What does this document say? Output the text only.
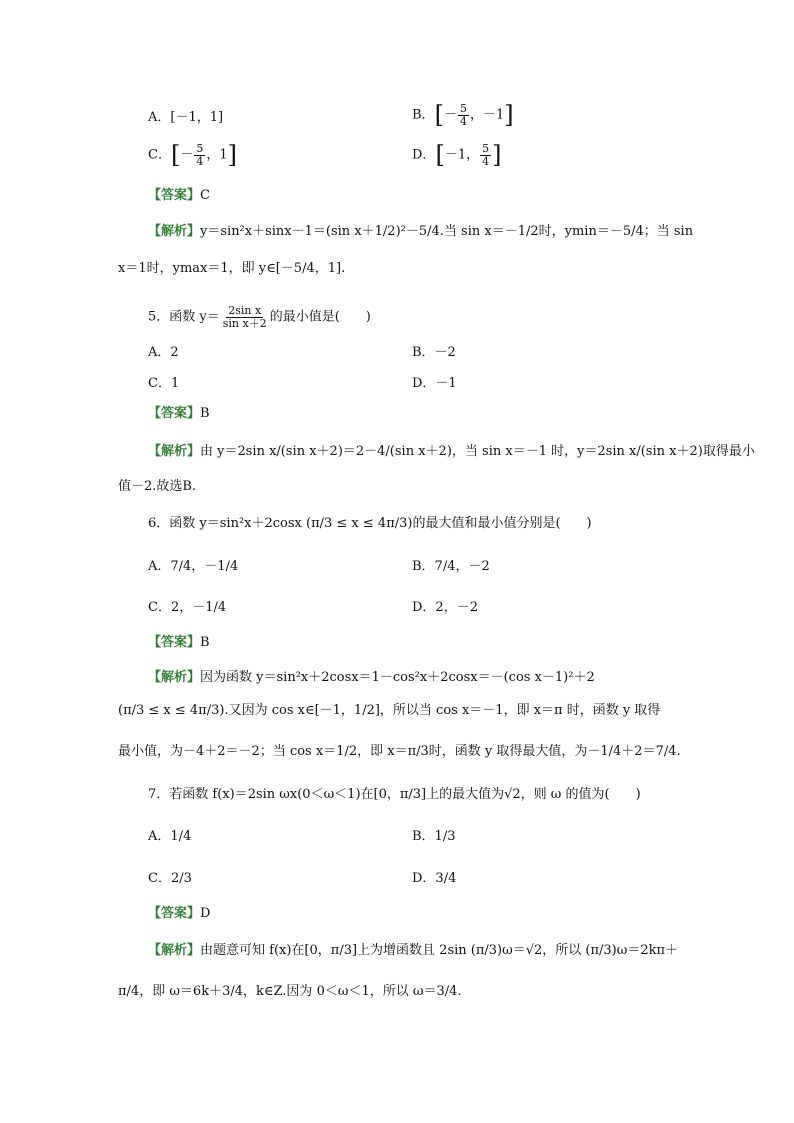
A．[－1，1]	B．[－ $\frac{5}{4}$ ，－1]
C．[－ $\frac{5}{4}$ ，1]	D．[－1， $\frac{5}{4}$ ]
【答案】C
【解析】y＝sin²x＋sinx－1＝(sin x＋1/2)²－5/4.当 sin x＝－1/2时，ymin＝－5/4；当 sin
x＝1时，ymax＝1，即 y∈[－5/4，1].
5．函数 $y= \frac{\text{2sin x}}{\text{sin x＋2}}$ 的最小值是(　　)
A．2	B．－2
C．1	D．－1
【答案】B
【解析】由 y＝2sin x/(sin x＋2)＝2－4/(sin x＋2)，当 sin x＝－1 时，y＝2sin x/(sin x＋2)取得最小
值－2.故选B.
6．函数 y＝sin²x＋2cosx (π/3 ≤ x ≤ 4π/3)的最大值和最小值分别是(　　)
A．7/4，－1/4	B．7/4，－2
C．2，－1/4	D．2，－2
【答案】B
【解析】因为函数 y＝sin²x＋2cosx＝1－cos²x＋2cosx＝－(cos x－1)²＋2
(π/3 ≤ x ≤ 4π/3).又因为 cos x∈[－1，1/2]，所以当 cos x＝－1，即 x＝π 时，函数 y 取得
最小值，为－4＋2＝－2；当 cos x＝1/2，即 x＝π/3时，函数 y 取得最大值，为－1/4＋2＝7/4.
7．若函数 f(x)＝2sin ωx(0＜ω＜1)在[0，π/3]上的最大值为√2，则 ω 的值为(　　)
A．1/4	B．1/3
C．2/3	D．3/4
【答案】D
【解析】由题意可知 f(x)在[0，π/3]上为增函数且 2sin (π/3)ω＝√2，所以 (π/3)ω＝2kπ＋
π/4，即 ω＝6k＋3/4，k∈Z.因为 0＜ω＜1，所以 ω＝3/4.
